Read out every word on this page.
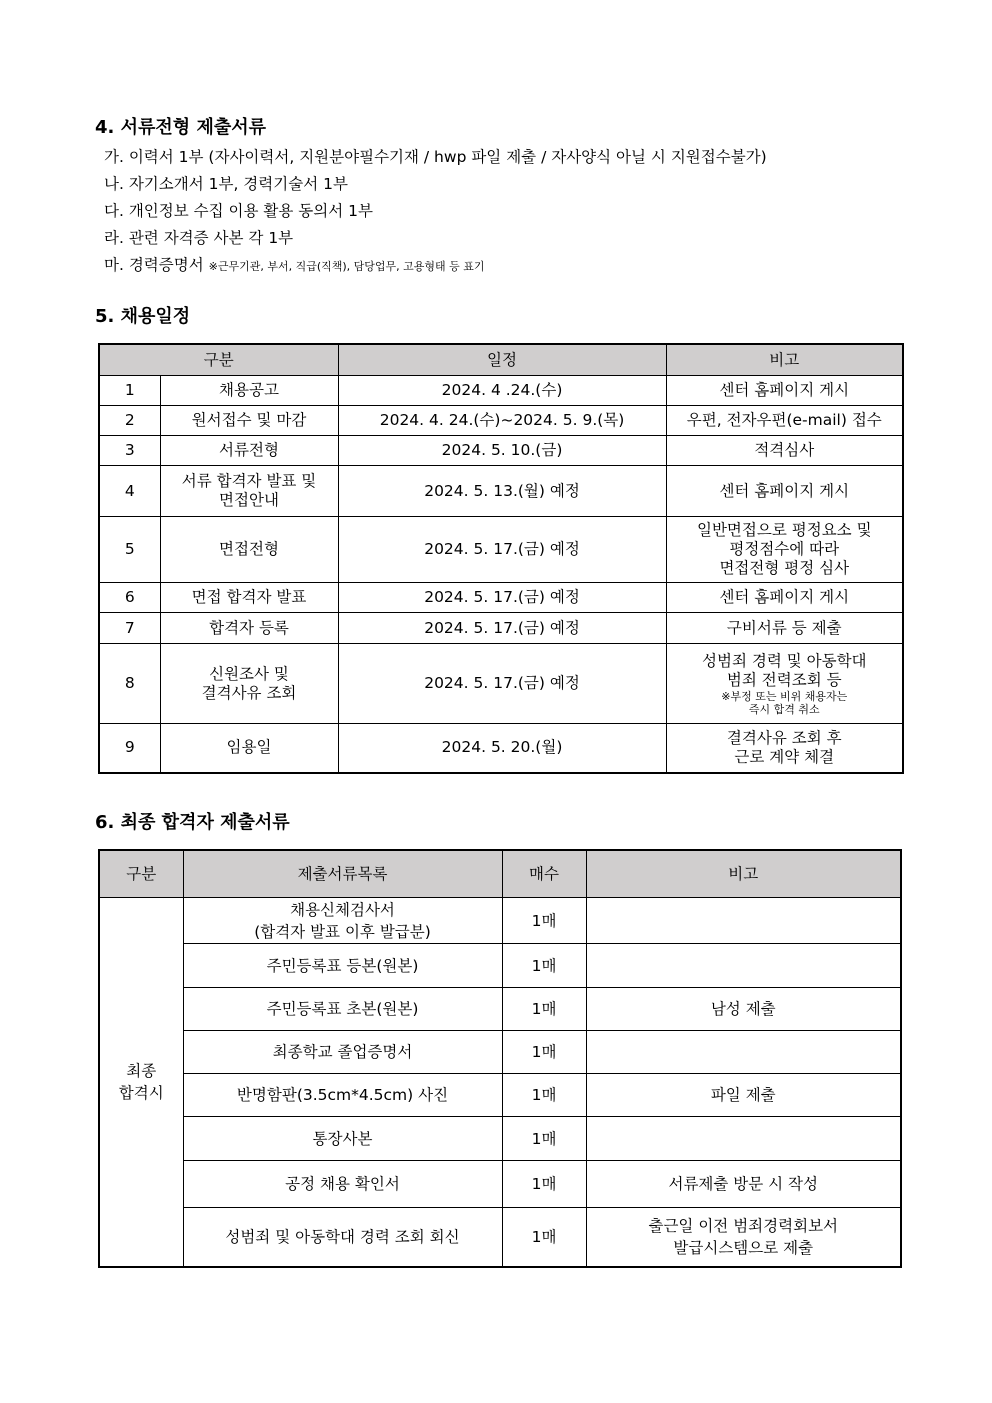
4. 서류전형 제출서류
가. 이력서 1부 (자사이력서, 지원분야필수기재 / hwp 파일 제출 / 자사양식 아닐 시 지원접수불가)
나. 자기소개서 1부, 경력기술서 1부
다. 개인정보 수집 이용 활용 동의서 1부
라. 관련 자격증 사본 각 1부
마. 경력증명서 ※근무기관, 부서, 직급(직책), 담당업무, 고용형태 등 표기
5. 채용일정
구분		일정	비고
1	채용공고	2024. 4 .24.(수)	센터 홈페이지 게시

2	원서접수 및 마감	2024. 4. 24.(수)~2024. 5. 9.(목)	우편, 전자우편(e-mail) 접수

3	서류전형	2024. 5. 10.(금)	적격심사

4	서류 합격자 발표 및
면접안내	2024. 5. 13.(월) 예정	센터 홈페이지 게시

5	면접전형	2024. 5. 17.(금) 예정	일반면접으로 평정요소 및
평정점수에 따라
면접전형 평정 심사

6	면접 합격자 발표	2024. 5. 17.(금) 예정	센터 홈페이지 게시

7	합격자 등록	2024. 5. 17.(금) 예정	구비서류 등 제출

8	신원조사 및
결격사유 조회	2024. 5. 17.(금) 예정	성범죄 경력 및 아동학대
범죄 전력조회 등
※부정 또는 비위 채용자는
즉시 합격 취소

9	임용일	2024. 5. 20.(월)	결격사유 조회 후
근로 계약 체결
6. 최종 합격자 제출서류
구분	제출서류목록	매수	비고

최종
합격시	채용신체검사서
(합격자 발표 이후 발급분)	1매	

	주민등록표 등본(원본)	1매	

	주민등록표 초본(원본)	1매	남성 제출

	최종학교 졸업증명서	1매	

	반명함판(3.5cm*4.5cm) 사진	1매	파일 제출

	통장사본	1매	

	공정 채용 확인서	1매	서류제출 방문 시 작성

	성범죄 및 아동학대 경력 조회 회신	1매	출근일 이전 범죄경력회보서
발급시스템으로 제출
